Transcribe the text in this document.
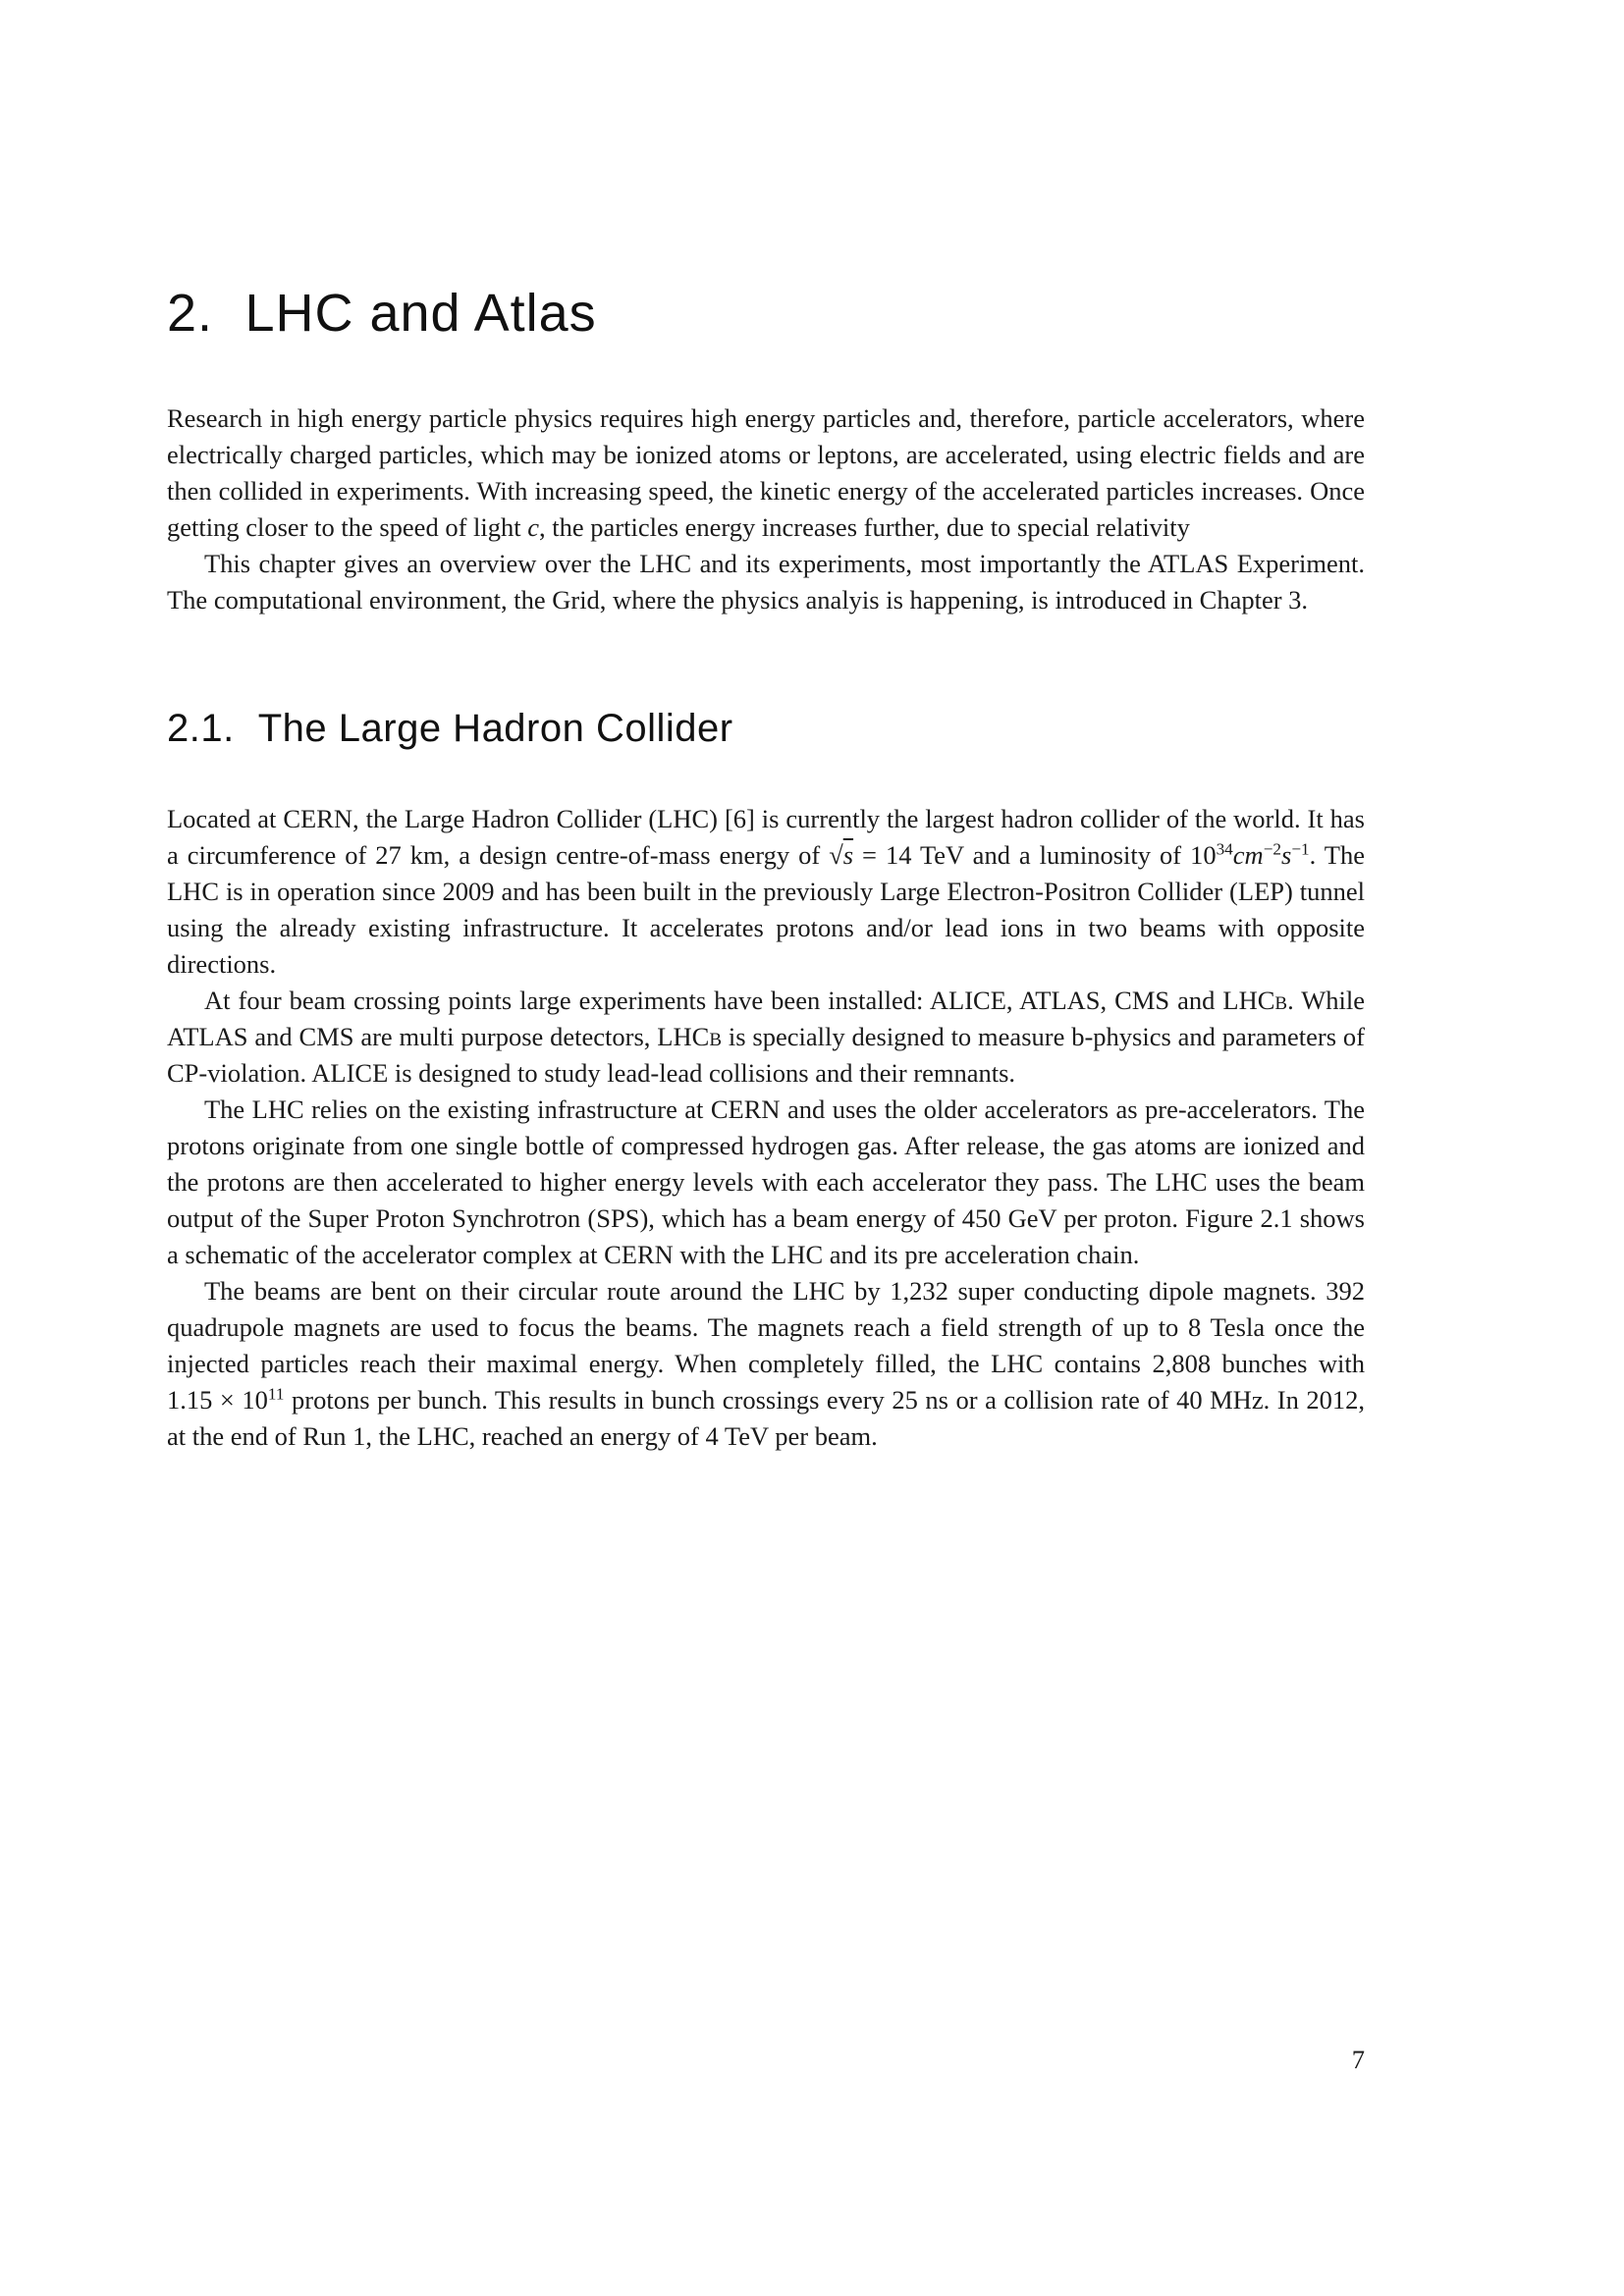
2. LHC and Atlas

Research in high energy particle physics requires high energy particles and, therefore, particle accelerators, where electrically charged particles, which may be ionized atoms or leptons, are accelerated, using electric fields and are then collided in experiments. With increasing speed, the kinetic energy of the accelerated particles increases. Once getting closer to the speed of light c, the particles energy increases further, due to special relativity

This chapter gives an overview over the LHC and its experiments, most importantly the ATLAS Experiment. The computational environment, the Grid, where the physics analyis is happening, is introduced in Chapter 3.

2.1. The Large Hadron Collider

Located at CERN, the Large Hadron Collider (LHC) [6] is currently the largest hadron collider of the world. It has a circumference of 27 km, a design centre-of-mass energy of √s = 14 TeV and a luminosity of $10^{34}cm^{-2}s^{-1}$. The LHC is in operation since 2009 and has been built in the previously Large Electron-Positron Collider (LEP) tunnel using the already existing infrastructure. It accelerates protons and/or lead ions in two beams with opposite directions.

At four beam crossing points large experiments have been installed: ALICE, ATLAS, CMS and LHCb. While ATLAS and CMS are multi purpose detectors, LHCb is specially designed to measure b-physics and parameters of CP-violation. ALICE is designed to study lead-lead collisions and their remnants.

The LHC relies on the existing infrastructure at CERN and uses the older accelerators as pre-accelerators. The protons originate from one single bottle of compressed hydrogen gas. After release, the gas atoms are ionized and the protons are then accelerated to higher energy levels with each accelerator they pass. The LHC uses the beam output of the Super Proton Synchrotron (SPS), which has a beam energy of 450 GeV per proton. Figure 2.1 shows a schematic of the accelerator complex at CERN with the LHC and its pre acceleration chain.

The beams are bent on their circular route around the LHC by 1,232 super conducting dipole magnets. 392 quadrupole magnets are used to focus the beams. The magnets reach a field strength of up to 8 Tesla once the injected particles reach their maximal energy. When completely filled, the LHC contains 2,808 bunches with $1.15 \times 10^{11}$ protons per bunch. This results in bunch crossings every 25 ns or a collision rate of 40 MHz. In 2012, at the end of Run 1, the LHC, reached an energy of 4 TeV per beam.

7
